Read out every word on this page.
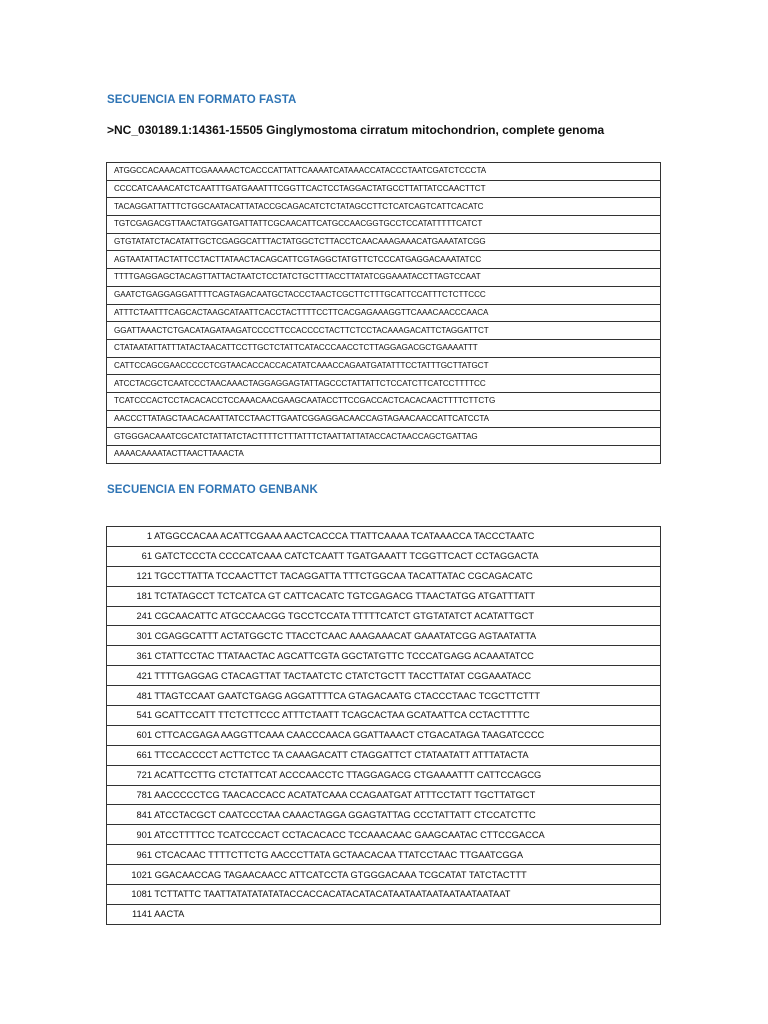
SECUENCIA EN FORMATO FASTA

>NC_030189.1:14361-15505 Ginglymostoma cirratum mitochondrion, complete genoma

ATGGCCACAAACATTCGAAAAACTCACCCATTATTCAAAATCATAAACCATACCCTAATCGATCTCCCTA
CCCCATCAAACATCTCAATTTGATGAAATTTCGGTTCACTCCTAGGACTATGCCTTATTATCCAACTTCT
TACAGGATTATTTCTGGCAATACATTATACCGCAGACATCTCTATAGCCTTCTCATCAGTCATTCACATC
TGTCGAGACGTTAACTATGGATGATTATTCGCAACATTCATGCCAACGGTGCCTCCATATTTTTCATCT
GTGTATATCTACATATTGCTCGAGGCATTTACTATGGCTCTTACCTCAACAAAGAAACATGAAATATCGG
AGTAATATTACTATTCCTACTTATAACTACAGCATTCGTAGGCTATGTTCTCCCATGAGGACAAATATCC
TTTTGAGGAGCTACAGTTATTACTAATCTCCTATCTGCTTTACCTTATATCGGAAATACCTTAGTCCAAT
GAATCTGAGGAGGATTTTCAGTAGACAATGCTACCCTAACTCGCTTCTTTGCATTCCATTTCTCTTCCC
ATTTCTAATTTCAGCACTAAGCATAATTCACCTACTTTTCCTTCACGAGAAAGGTTCAAACAACCCAACA
GGATTAAACTCTGACATAGATAAGATCCCCTTCCACCCCTACTTCTCCTACAAAGACATTCTAGGATTCT
CTATAATATTATTTATACTAACATTCCTTGCTCTATTCATACCCAACCTCTTAGGAGACGCTGAAAATTT
CATTCCAGCGAACCCCCTCGTAACACCACCACATATCAAACCAGAATGATATTTCCTATTTGCTTATGCT
ATCCTACGCTCAATCCCTAACAAACTAGGAGGAGTATTAGCCCTATTATTCTCCATCTTCATCCTTTTCC
TCATCCCACTCCTACACACCTCCAAACAACGAAGCAATACCTTCCGACCACTCACACAACTTTTCTTCTG
AACCCTTATAGCTAACACAATTATCCTAACTTGAATCGGAGGACAACCAGTAGAACAACCATTCATCCTA
GTGGGACAAATCGCATCTATTATCTACTTTTCTTTATTTCTAATTATTATACCACTAACCAGCTGATTAG
AAAACAAAATACTTAACTTAAACTA
SECUENCIA EN FORMATO GENBANK
1 ATGGCCACAA ACATTCGAAA AACTCACCCA TTATTCAAAA TCATAAACCA TACCCTAATC
61 GATCTCCCTA CCCCATCAAA CATCTCAATT TGATGAAATT TCGGTTCACT CCTAGGACTA
121 TGCCTTATTA TCCAACTTCT TACAGGATTA TTTCTGGCAA TACATTATAC CGCAGACATC
181 TCTATAGCCT TCTCATCA GT CATTCACATC TGTCGAGACG TTAACTATGG ATGATTTATT
241 CGCAACATTC ATGCCAACGG TGCCTCCATA TTTTTCATCT GTGTATATCT ACATATTGCT
301 CGAGGCATTT ACTATGGCTC TTACCTCAAC AAAGAAACAT GAAATATCGG AGTAATATTA
361 CTATTCCTAC TTATAACTAC AGCATTCGTA GGCTATGTTC TCCCATGAGG ACAAATATCC
421 TTTTGAGGAG CTACAGTTAT TACTAATCTC CTATCTGCTT TACCTTATAT CGGAAATACC
481 TTAGTCCAAT GAATCTGAGG AGGATTTTCA GTAGACAATG CTACCCTAAC TCGCTTCTTT
541 GCATTCCATT TTCTCTTCCC ATTTCTAATT TCAGCACTAA GCATAATTCA CCTACTTTTC
601 CTTCACGAGA AAGGTTCAAA CAACCCAACA GGATTAAACT CTGACATAGA TAAGATCCCC
661 TTCCACCCCT ACTTCTCC TA CAAAGACATT CTAGGATTCT CTATAATATT ATTTATACTA
721 ACATTCCTTG CTCTATTCAT ACCCAACCTC TTAGGAGACG CTGAAAATTT CATTCCAGCG
781 AACCCCCTCG TAACACCACC ACATATCAAA CCAGAATGAT ATTTCCTATT TGCTTATGCT
841 ATCCTACGCT CAATCCCTAA CAAACTAGGA GGAGTATTAG CCCTATTATT CTCCATCTTC
901 ATCCTTTTCC TCATCCCACT CCTACACACC TCCAAACAAC GAAGCAATAC CTTCCGACCA
961 CTCACAAC TTTTCTTCTG AACCCTTATA GCTAACACAA TTATCCTAAC TTGAATCGGA
1021 GGACAACCAG TAGAACAACC ATTCATCCTA GTGGGACAAA TCGCATAT TATCTACTTT
1081 TCTTATTC TAATTATATATATATACCACCACATACATACATAATAATAATAATAATAATAAT
1141 AACTA
